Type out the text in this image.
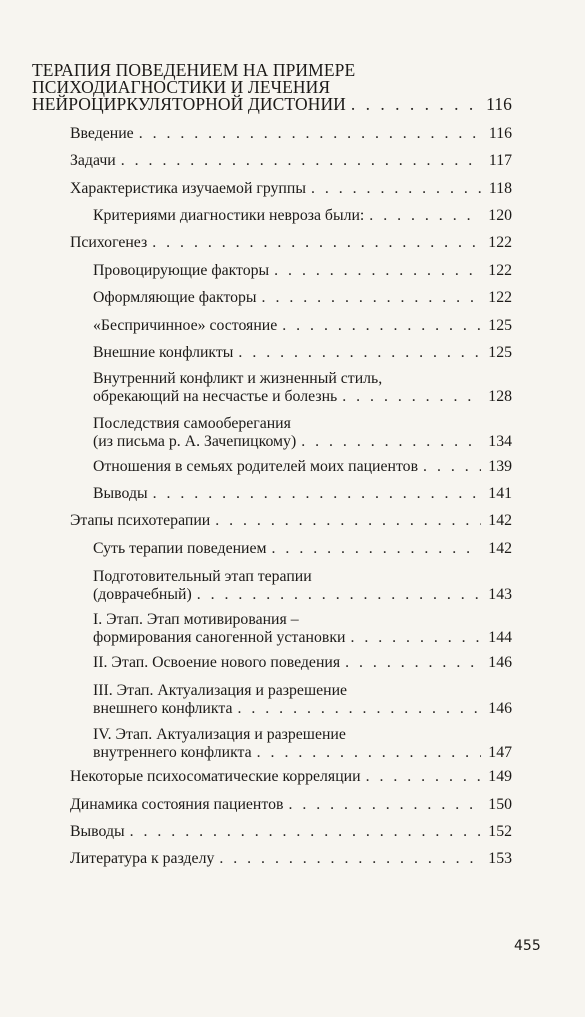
ТЕРАПИЯ ПОВЕДЕНИЕМ НА ПРИМЕРЕ
ПСИХОДИАГНОСТИКИ И ЛЕЧЕНИЯ
НЕЙРОЦИРКУЛЯТОРНОЙ ДИСТОНИИ . . .	116
Введение . . .	116
Задачи . . .	117
Характеристика изучаемой группы . . .	118
Критериями диагностики невроза были: . . .	120
Психогенез . . .	122
Провоцирующие факторы . . .	122
Оформляющие факторы . . .	122
«Беспричинное» состояние . . .	125
Внешние конфликты . . .	125
Внутренний конфликт и жизненный стиль,
обрекающий на несчастье и болезнь . . .	128
Последствия самооберегания
(из письма р. А. Зачепицкому) . . .	134
Отношения в семьях родителей моих пациентов . . .	139
Выводы . . .	141
Этапы психотерапии . . .	142
Суть терапии поведением . . .	142
Подготовительный этап терапии
(доврачебный) . . .	143
I. Этап. Этап мотивирования –
формирования саногенной установки . . .	144
II. Этап. Освоение нового поведения . . .	146
III. Этап. Актуализация и разрешение
внешнего конфликта . . .	146
IV. Этап. Актуализация и разрешение
внутреннего конфликта . . .	147
Некоторые психосоматические корреляции . . .	149
Динамика состояния пациентов . . .	150
Выводы . . .	152
Литература к разделу . . .	153
455
